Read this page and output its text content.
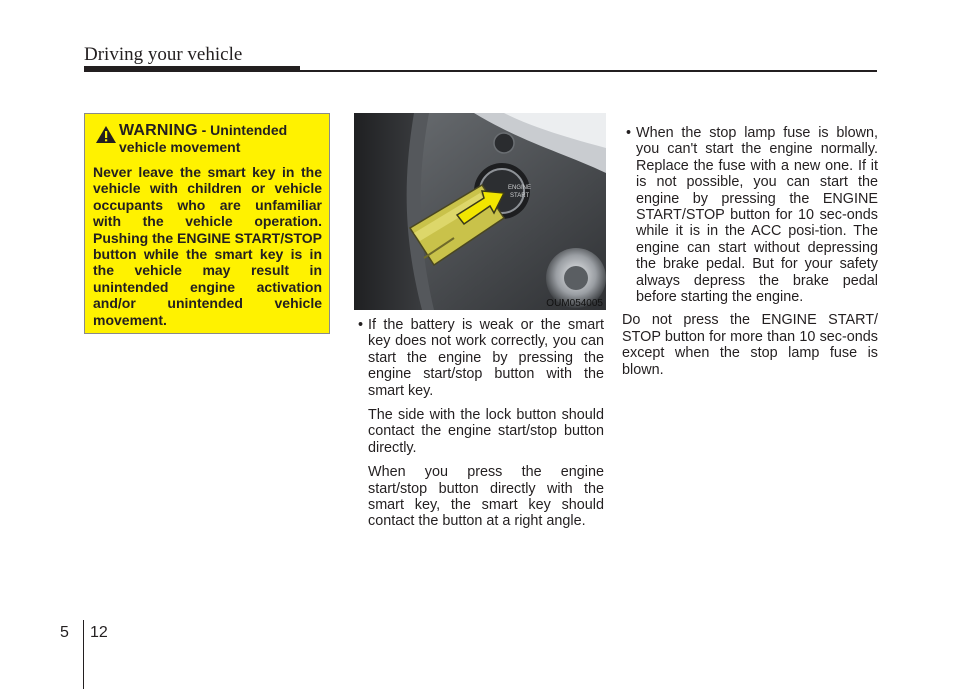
Driving your vehicle
WARNING - Unintended
vehicle movement
Never leave the smart key in the vehicle with children or vehicle occupants who are unfamiliar with the vehicle operation. Pushing the ENGINE START/STOP button while the smart key is in the vehicle may result in unintended engine activation and/or unintended vehicle movement.
ENGINE
START
OUM054005
• If the battery is weak or the smart key does not work correctly, you can start the engine by pressing the engine start/stop button with the smart key.
The side with the lock button should contact the engine start/stop button directly.
When you press the engine start/stop button directly with the smart key, the smart key should contact the button at a right angle.
• When the stop lamp fuse is blown, you can't start the engine normally. Replace the fuse with a new one. If it is not possible, you can start the engine by pressing the ENGINE START/STOP button for 10 sec-onds while it is in the ACC posi-tion. The engine can start without depressing the brake pedal. But for your safety always depress the brake pedal before starting the engine.
Do not press the ENGINE START/ STOP button for more than 10 sec-onds except when the stop lamp fuse is blown.
5 12
